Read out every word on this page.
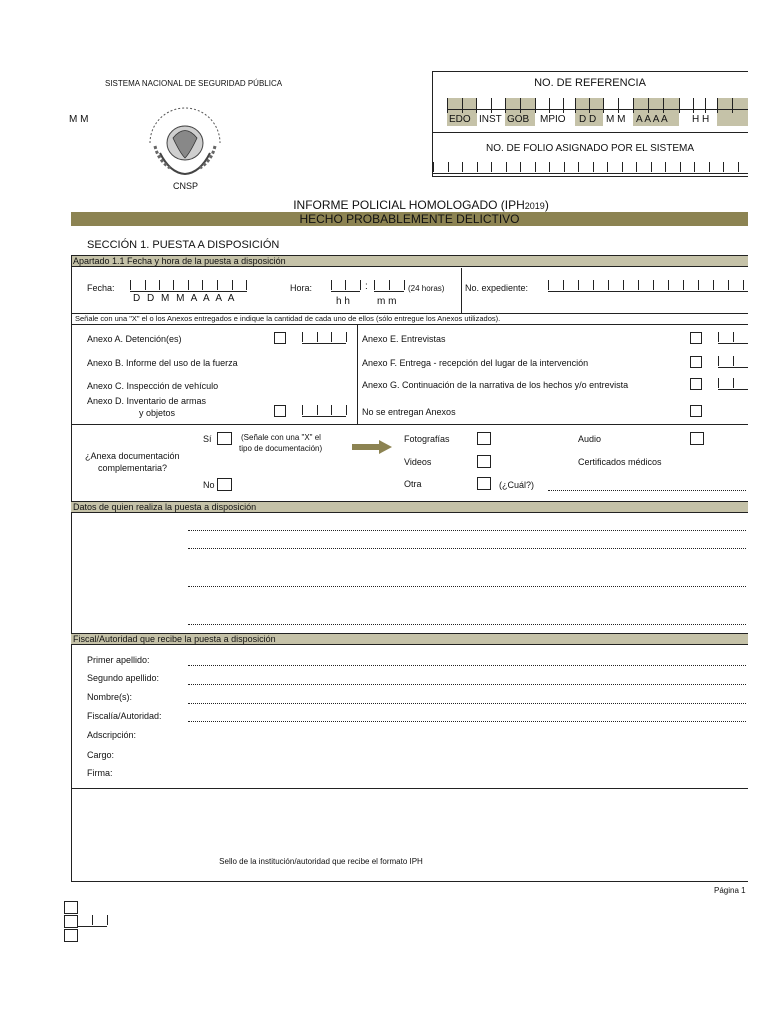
SISTEMA NACIONAL DE SEGURIDAD PÚBLICA
M M
CNSP
NO. DE REFERENCIA
EDO INST GOB MPIO D D M M A A A A H H
NO. DE FOLIO ASIGNADO POR EL SISTEMA
INFORME POLICIAL HOMOLOGADO (IPH2019)
HECHO PROBABLEMENTE DELICTIVO
SECCIÓN 1. PUESTA A DISPOSICIÓN
Apartado 1.1 Fecha y hora de la puesta a disposición
Fecha:
D D M M A A A A
Hora:	:	(24 horas)
h h	m m
No. expediente:
Señale con una "X" el o los Anexos entregados e indique la cantidad de cada uno de ellos (sólo entregue los Anexos utilizados).
Anexo A. Detención(es)
Anexo B. Informe del uso de la fuerza
Anexo C. Inspección de vehículo
Anexo D. Inventario de armas
y objetos
Anexo E. Entrevistas
Anexo F. Entrega - recepción del lugar de la intervención
Anexo G. Continuación de la narrativa de los hechos y/o entrevista
No se entregan Anexos
¿Anexa documentación
complementaria?
Sí	(Señale con una "X" el
tipo de documentación)
No
Fotografías
Videos
Otra	(¿Cuál?)
Audio
Certificados médicos
Datos de quien realiza la puesta a disposición
Fiscal/Autoridad que recibe la puesta a disposición
Primer apellido:
Segundo apellido:
Nombre(s):
Fiscalía/Autoridad:
Adscripción:
Cargo:
Firma:
Sello de la institución/autoridad que recibe el formato IPH
Página 1
